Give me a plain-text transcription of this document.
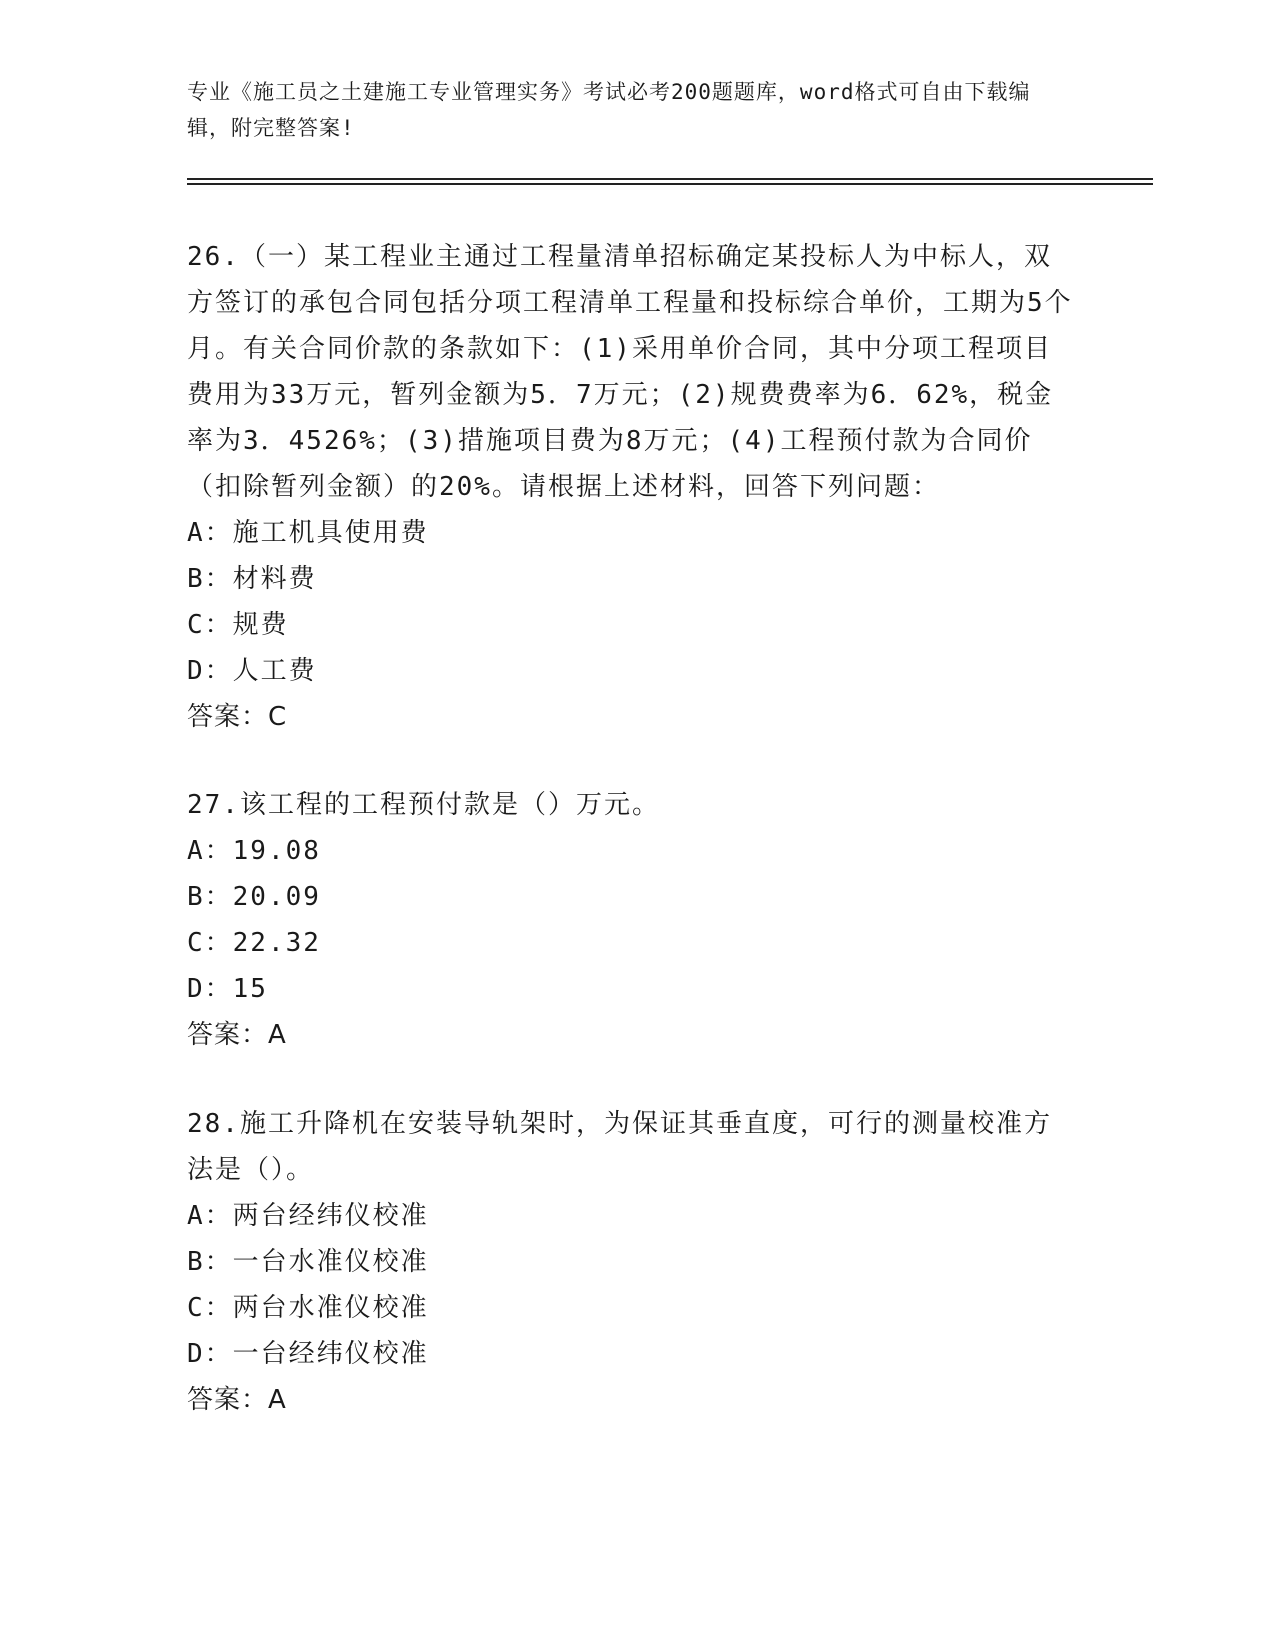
专业《施工员之土建施工专业管理实务》考试必考200题题库，word格式可自由下载编辑，附完整答案!

26.（一）某工程业主通过工程量清单招标确定某投标人为中标人，双方签订的承包合同包括分项工程清单工程量和投标综合单价，工期为5个月。有关合同价款的条款如下：(1)采用单价合同，其中分项工程项目费用为33万元，暂列金额为5．7万元；(2)规费费率为6．62%，税金率为3．4526%；(3)措施项目费为8万元；(4)工程预付款为合同价（扣除暂列金额）的20%。请根据上述材料，回答下列问题：

A：施工机具使用费

B：材料费

C：规费

D：人工费

答案：C

27.该工程的工程预付款是（）万元。

A：19.08

B：20.09

C：22.32

D：15

答案：A

28.施工升降机在安装导轨架时，为保证其垂直度，可行的测量校准方法是（）。

A：两台经纬仪校准

B：一台水准仪校准

C：两台水准仪校准

D：一台经纬仪校准

答案：A
